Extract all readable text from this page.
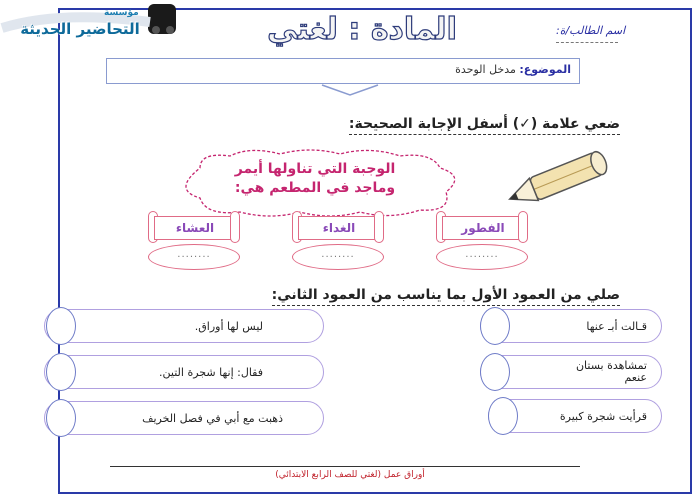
مؤسسة
التحاضير الحديثة	اسم الطالب/ة:
المادة : لغتي
الموضوع: مدخل الوحدة
ضعي علامة (✓) أسفل الإجابة الصحيحة:
الوجبة التي تناولها أيمر
وماجد في المطعم هي:
الفطور
الغداء
العشاء
........
........
........
صلي من العمود الأول بما يناسب من العمود الثاني:
قـالت أبـ عنها
تمشاهدة بستان عنعم
قرأيت شجرة كبيرة
ليس لها أوراق.
فقال: إنها شجرة التين.
ذهبت مع أبي في فصل الخريف
أوراق عمل (لغتي للصف الرابع الابتدائي)
